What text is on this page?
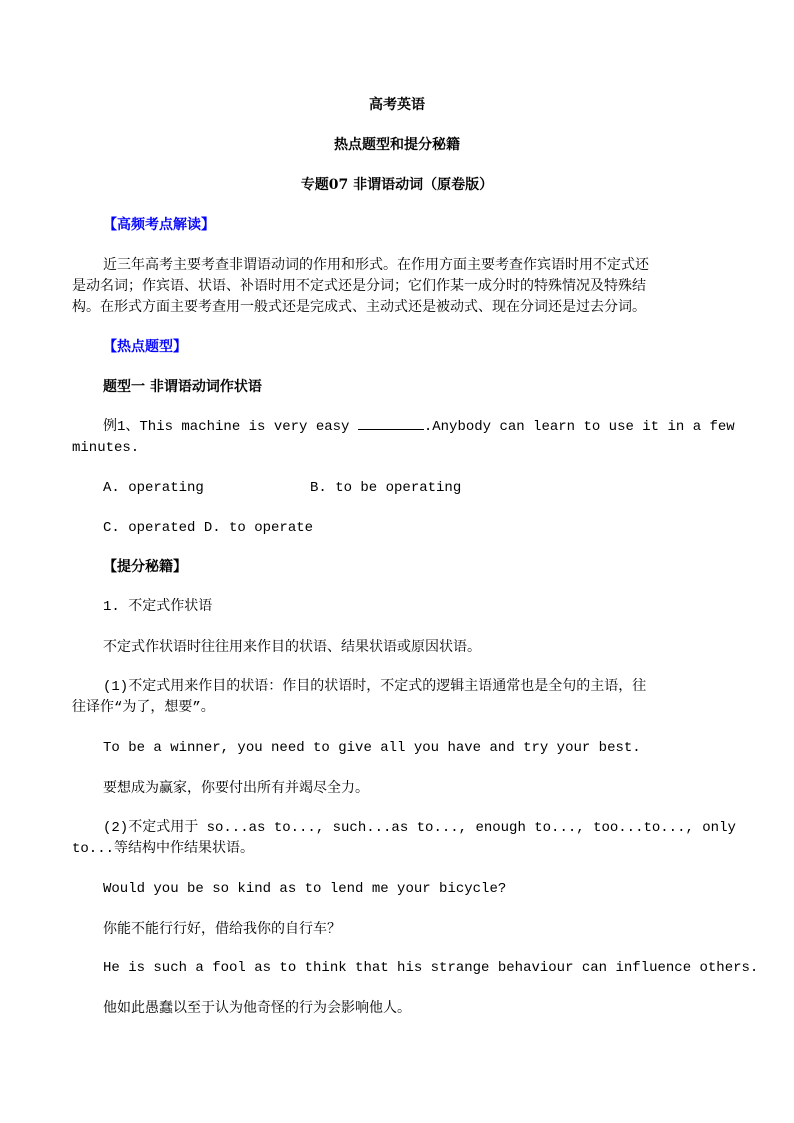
高考英语

热点题型和提分秘籍

专题07 非谓语动词（原卷版）

【高频考点解读】

近三年高考主要考查非谓语动词的作用和形式。在作用方面主要考查作宾语时用不定式还

是动名词；作宾语、状语、补语时用不定式还是分词；它们作某一成分时的特殊情况及特殊结

构。在形式方面主要考查用一般式还是完成式、主动式还是被动式、现在分词还是过去分词。

【热点题型】

题型一 非谓语动词作状语

例1、This machine is very easy	.Anybody can learn to use it in a few

minutes.

A. operating	B. to be operating

C. operated D. to operate

【提分秘籍】

1. 不定式作状语

不定式作状语时往往用来作目的状语、结果状语或原因状语。

(1)不定式用来作目的状语：作目的状语时，不定式的逻辑主语通常也是全句的主语，往

往译作“为了，想要”。

To be a winner, you need to give all you have and try your best.

要想成为赢家，你要付出所有并竭尽全力。

(2)不定式用于 so...as to..., such...as to..., enough to..., too...to..., only

to...等结构中作结果状语。

Would you be so kind as to lend me your bicycle?

你能不能行行好，借给我你的自行车？

He is such a fool as to think that his strange behaviour can influence others.

他如此愚蠢以至于认为他奇怪的行为会影响他人。
